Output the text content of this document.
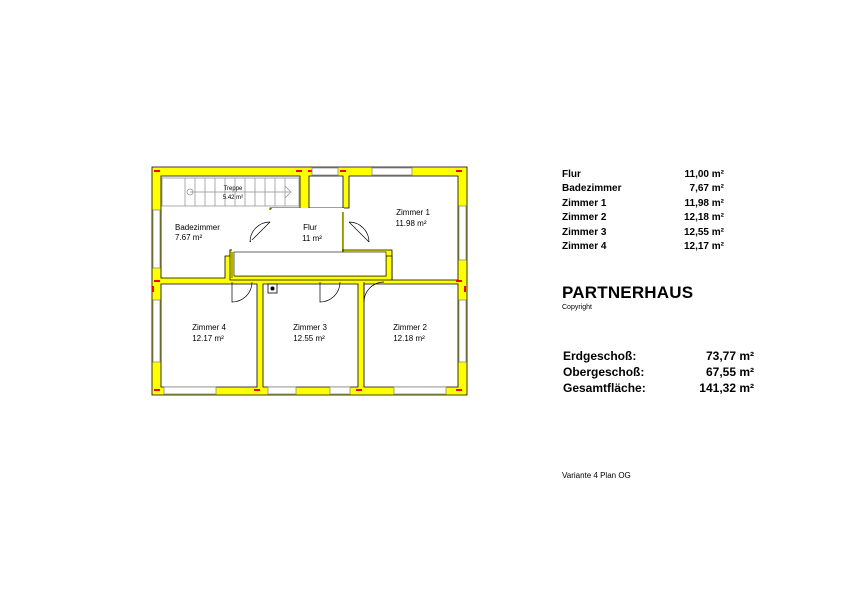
Treppe
5.42 m²
Badezimmer
7.67 m²
Flur
11 m²
Zimmer 1
11.98 m²
Zimmer 4
12.17 m²
Zimmer 3
12.55 m²
Zimmer 2
12.18 m²
Flur	11,00 m²
Badezimmer	7,67 m²
Zimmer 1	11,98 m²
Zimmer 2	12,18 m²
Zimmer 3	12,55 m²
Zimmer 4	12,17 m²
PARTNERHAUS
Copyright
Erdgeschoß:	73,77 m²
Obergeschoß:	67,55 m²
Gesamtfläche:	141,32 m²
Variante 4 Plan OG
